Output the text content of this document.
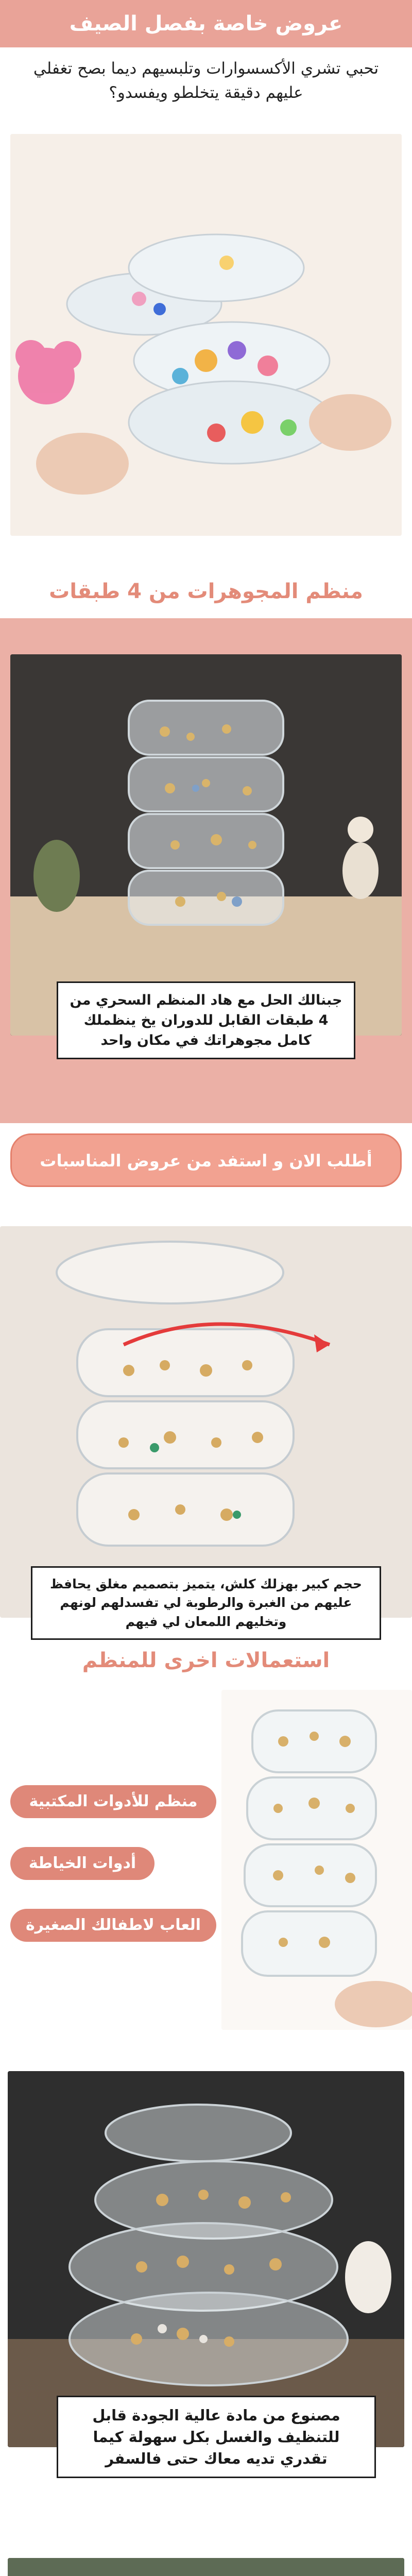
عروض خاصة بفصل الصيف
تحبي تشري الأكسسوارات وتلبسيهم ديما بصح تغفلي عليهم دقيقة يتخلطو ويفسدو؟
منظم المجوهرات من 4 طبقات
جبنالك الحل مع هاد المنظم السحري من 4 طبقات القابل للدوران يخ ينظملك كامل مجوهراتك في مكان واحد
أطلب الان و استفد من عروض المناسبات
حجم كبير بهزلك كلش، يتميز بتصميم مغلق يحافظ عليهم من الغبرة والرطوبة لي تفسدلهم لونهم وتخليهم اللمعان لي فيهم
استعمالات اخرى للمنظم
منظم للأدوات المكتبية
أدوات الخياطة
العاب لاطفالك الصغيرة
مصنوع من مادة عالية الجودة قابل للتنظيف والغسل بكل سهولة كيما تقدري تديه معاك حتى فالسفر
